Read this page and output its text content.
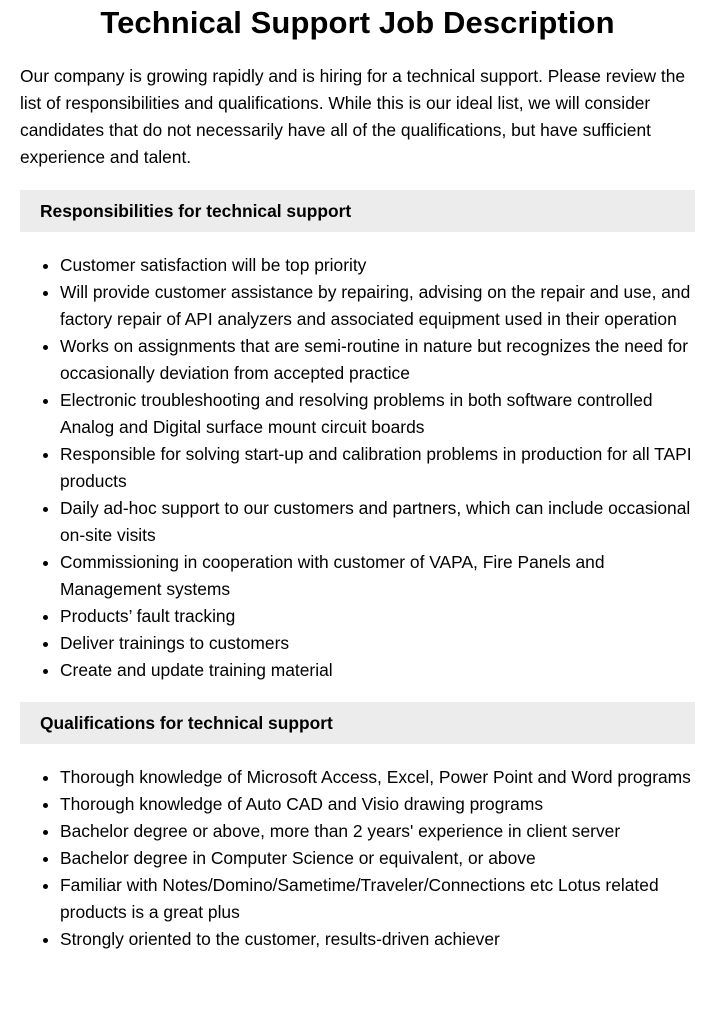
Technical Support Job Description

Our company is growing rapidly and is hiring for a technical support. Please review the list of responsibilities and qualifications. While this is our ideal list, we will consider candidates that do not necessarily have all of the qualifications, but have sufficient experience and talent.

Responsibilities for technical support
• Customer satisfaction will be top priority
• Will provide customer assistance by repairing, advising on the repair and use, and factory repair of API analyzers and associated equipment used in their operation
• Works on assignments that are semi-routine in nature but recognizes the need for occasionally deviation from accepted practice
• Electronic troubleshooting and resolving problems in both software controlled Analog and Digital surface mount circuit boards
• Responsible for solving start-up and calibration problems in production for all TAPI products
• Daily ad-hoc support to our customers and partners, which can include occasional on-site visits
• Commissioning in cooperation with customer of VAPA, Fire Panels and Management systems
• Products’ fault tracking
• Deliver trainings to customers
• Create and update training material
Qualifications for technical support
• Thorough knowledge of Microsoft Access, Excel, Power Point and Word programs
• Thorough knowledge of Auto CAD and Visio drawing programs
• Bachelor degree or above, more than 2 years' experience in client server
• Bachelor degree in Computer Science or equivalent, or above
• Familiar with Notes/Domino/Sametime/Traveler/Connections etc Lotus related products is a great plus
• Strongly oriented to the customer, results-driven achiever
